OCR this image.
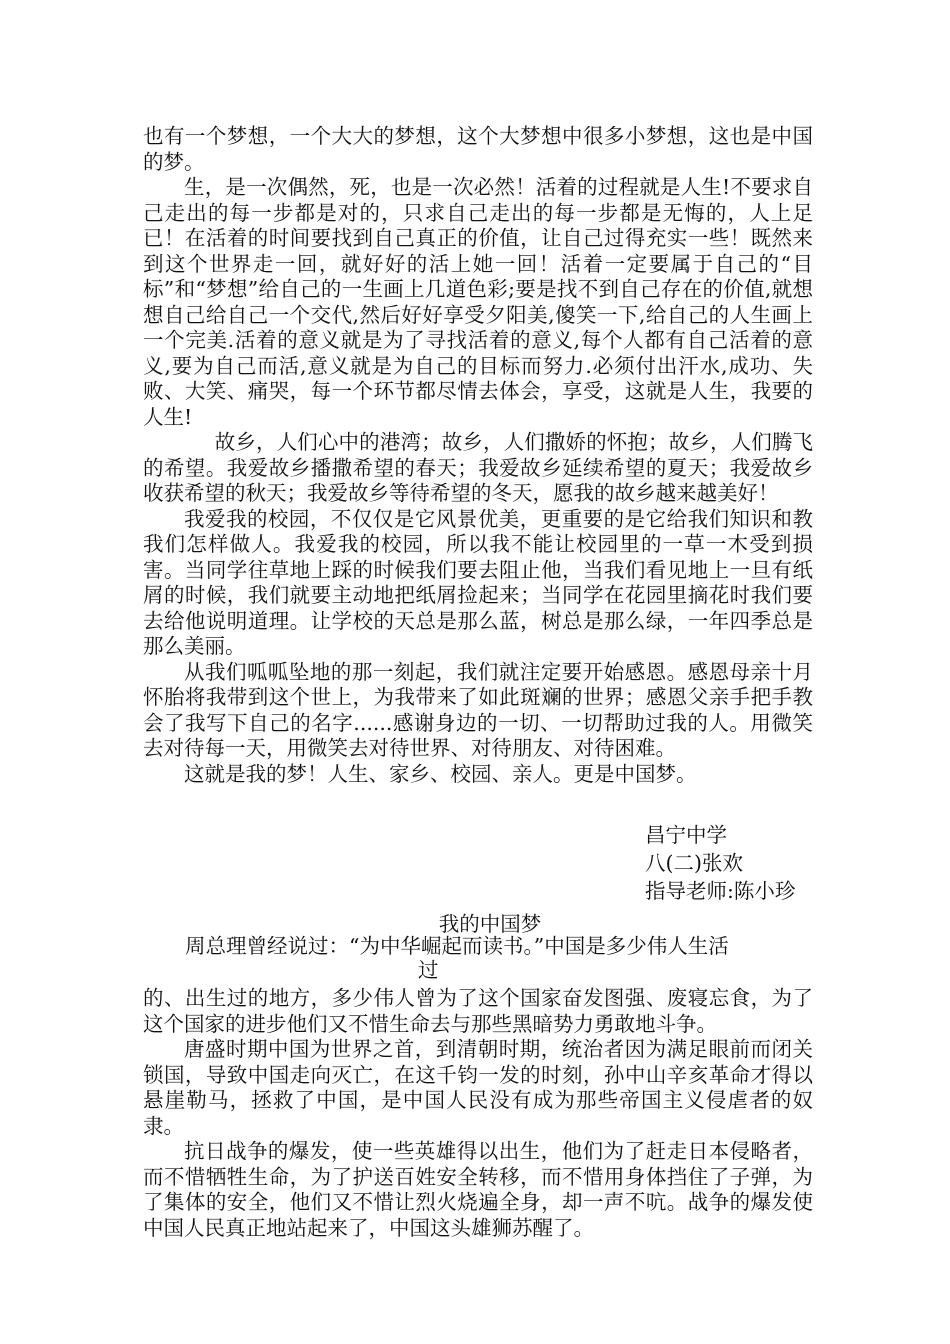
也有一个梦想，一个大大的梦想，这个大梦想中很多小梦想，这也是中国的梦。

生，是一次偶然，死，也是一次必然！活着的过程就是人生!不要求自己走出的每一步都是对的，只求自己走出的每一步都是无悔的，人上足已！在活着的时间要找到自己真正的价值，让自己过得充实一些！既然来到这个世界走一回，就好好的活上她一回！活着一定要属于自己的“目标”和“梦想”给自己的一生画上几道色彩;要是找不到自己存在的价值,就想想自己给自己一个交代,然后好好享受夕阳美,傻笑一下,给自己的人生画上一个完美.活着的意义就是为了寻找活着的意义,每个人都有自己活着的意义,要为自己而活,意义就是为自己的目标而努力.必须付出汗水,成功、失败、大笑、痛哭，每一个环节都尽情去体会，享受，这就是人生，我要的人生!

故乡，人们心中的港湾；故乡，人们撒娇的怀抱；故乡，人们腾飞的希望。我爱故乡播撒希望的春天；我爱故乡延续希望的夏天；我爱故乡收获希望的秋天；我爱故乡等待希望的冬天，愿我的故乡越来越美好！

我爱我的校园，不仅仅是它风景优美，更重要的是它给我们知识和教我们怎样做人。我爱我的校园，所以我不能让校园里的一草一木受到损害。当同学往草地上踩的时候我们要去阻止他，当我们看见地上一旦有纸屑的时候，我们就要主动地把纸屑捡起来；当同学在花园里摘花时我们要去给他说明道理。让学校的天总是那么蓝，树总是那么绿，一年四季总是那么美丽。

从我们呱呱坠地的那一刻起，我们就注定要开始感恩。感恩母亲十月怀胎将我带到这个世上，为我带来了如此斑斓的世界；感恩父亲手把手教会了我写下自己的名字......感谢身边的一切、一切帮助过我的人。用微笑去对待每一天，用微笑去对待世界、对待朋友、对待困难。

这就是我的梦！人生、家乡、校园、亲人。更是中国梦。

昌宁中学
八(二)张欢
指导老师:陈小珍
我的中国梦
周总理曾经说过：“为中华崛起而读书。”中国是多少伟人生活
过

的、出生过的地方，多少伟人曾为了这个国家奋发图强、废寝忘食，为了这个国家的进步他们又不惜生命去与那些黑暗势力勇敢地斗争。

唐盛时期中国为世界之首，到清朝时期，统治者因为满足眼前而闭关锁国，导致中国走向灭亡，在这千钧一发的时刻，孙中山辛亥革命才得以悬崖勒马，拯救了中国，是中国人民没有成为那些帝国主义侵虐者的奴隶。

抗日战争的爆发，使一些英雄得以出生，他们为了赶走日本侵略者，而不惜牺牲生命，为了护送百姓安全转移，而不惜用身体挡住了子弹，为了集体的安全，他们又不惜让烈火烧遍全身，却一声不吭。战争的爆发使中国人民真正地站起来了，中国这头雄狮苏醒了。
